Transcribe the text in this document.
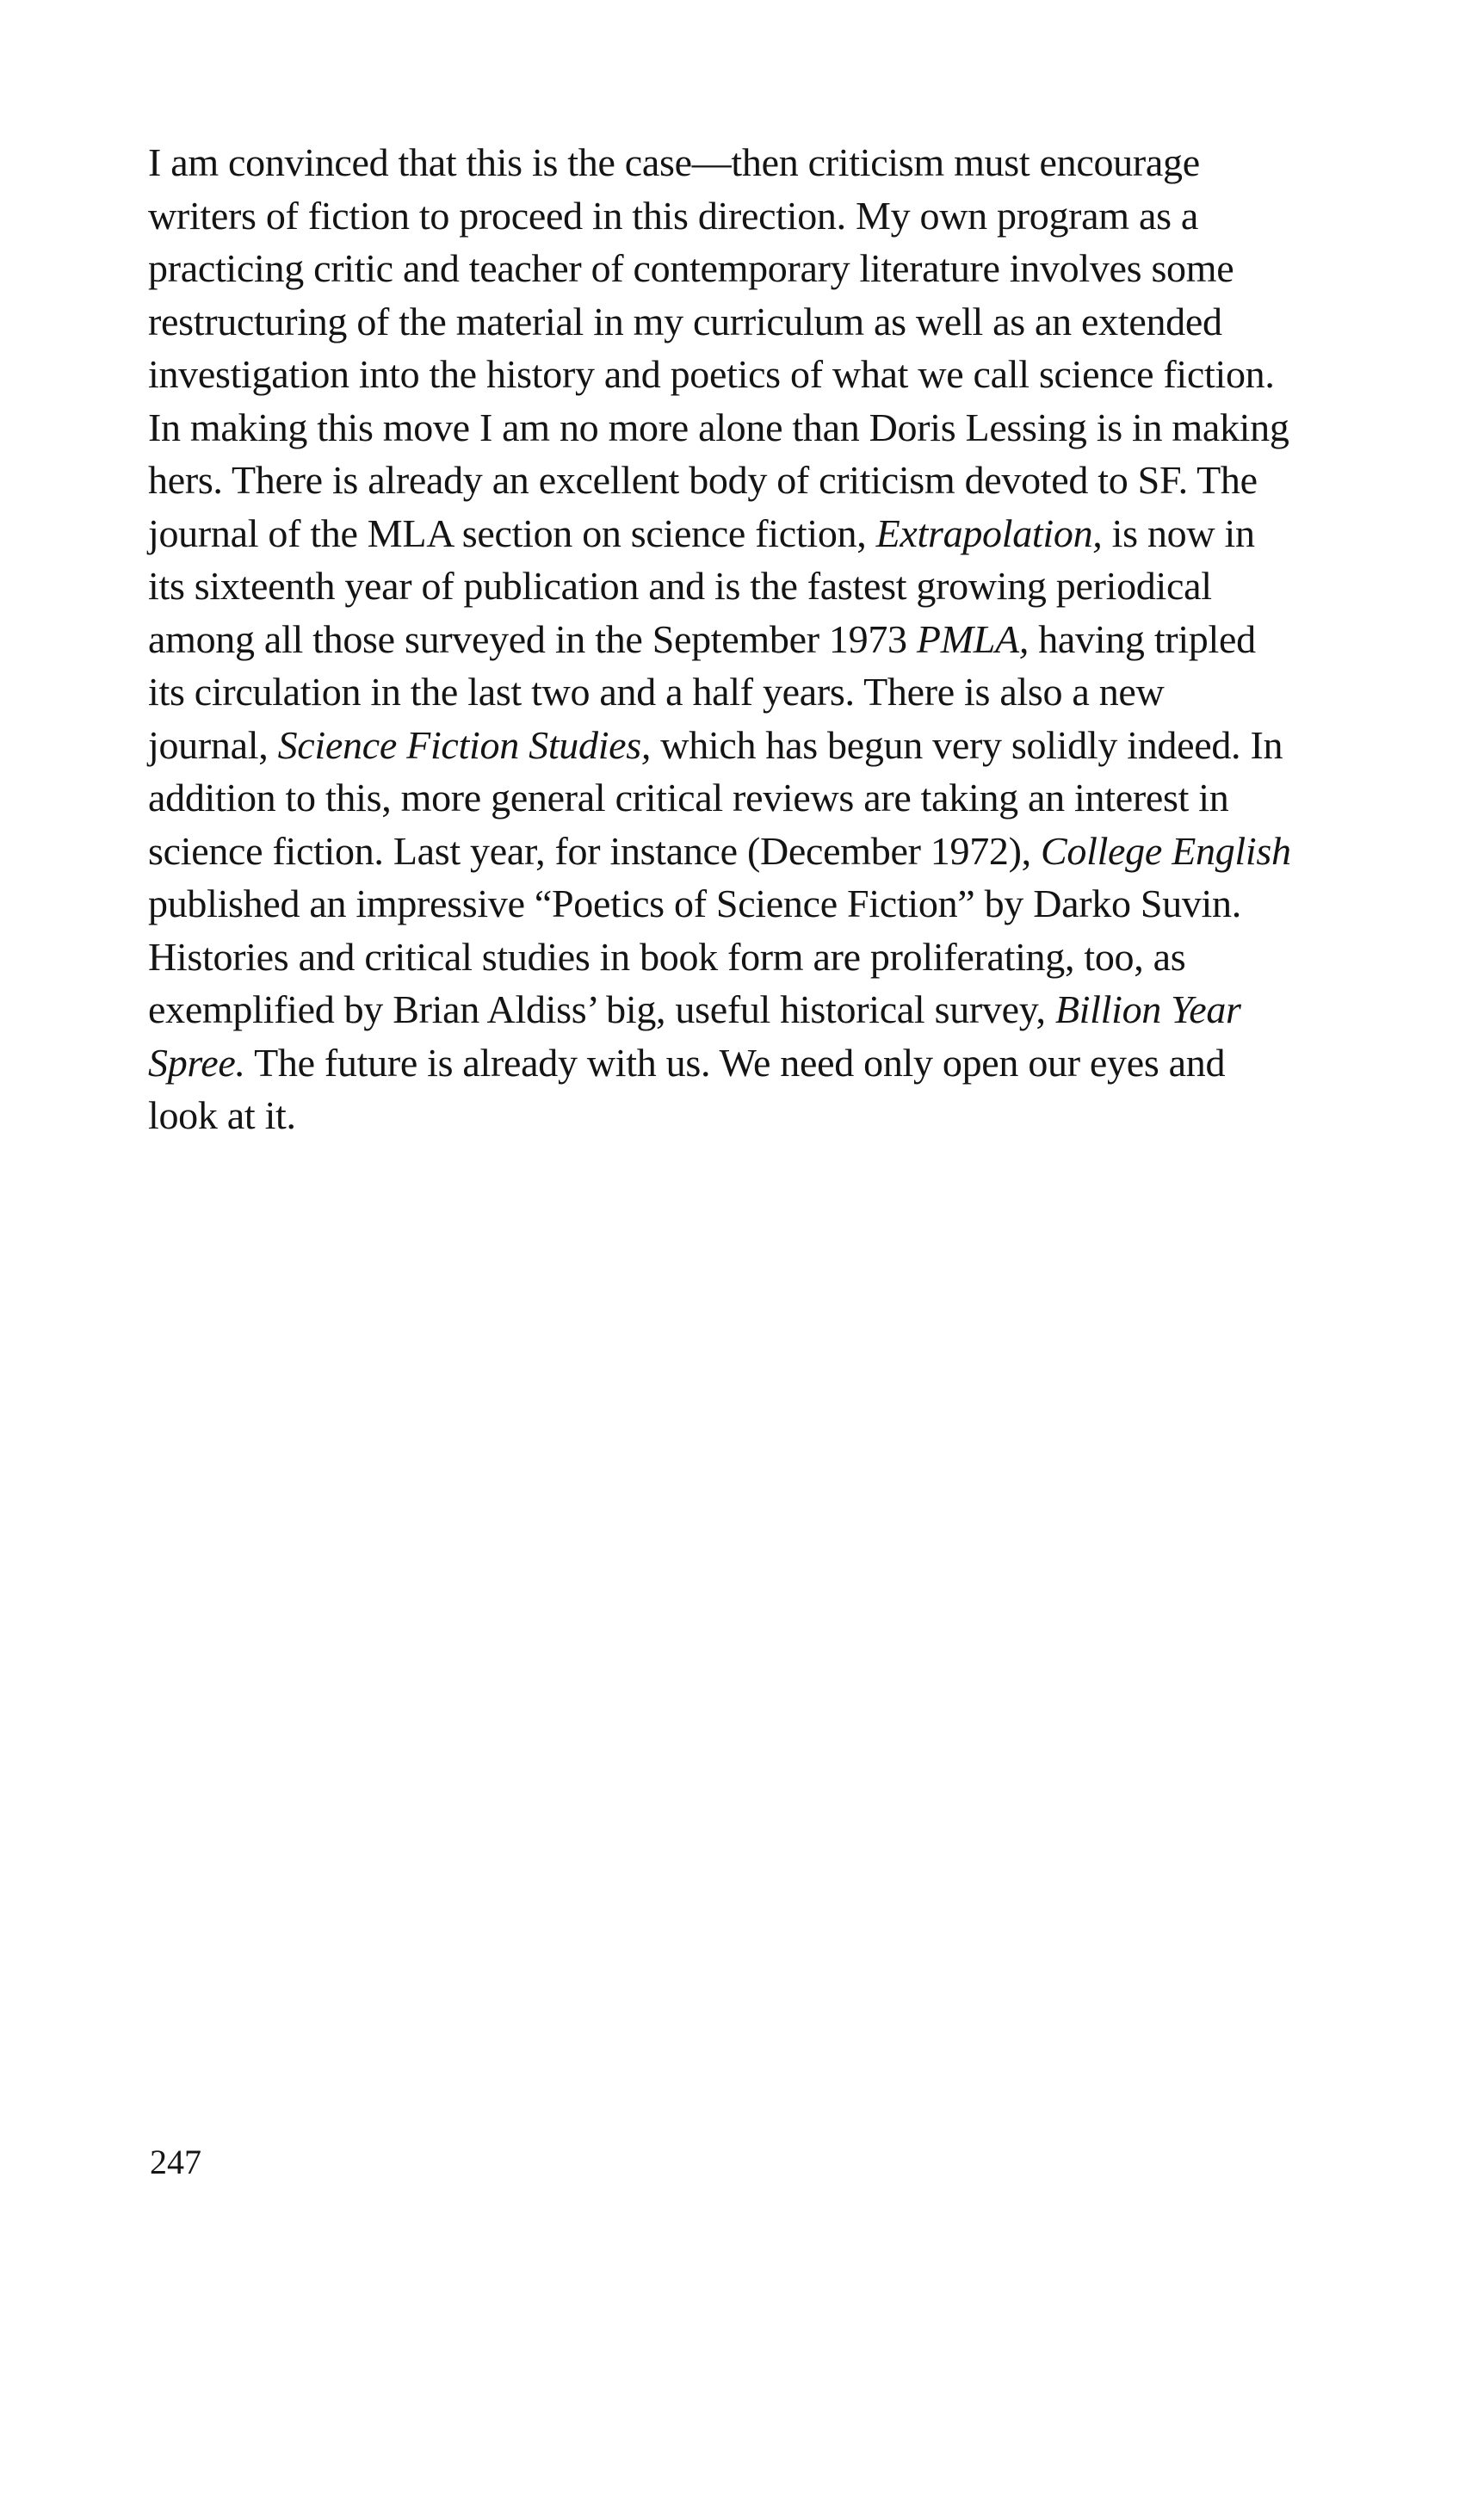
I am convinced that this is the case—then criticism must encourage
writers of fiction to proceed in this direction. My own program as a
practicing critic and teacher of contemporary literature involves some
restructuring of the material in my curriculum as well as an extended
investigation into the history and poetics of what we call science fiction.
In making this move I am no more alone than Doris Lessing is in making
hers. There is already an excellent body of criticism devoted to SF. The
journal of the MLA section on science fiction, Extrapolation, is now in
its sixteenth year of publication and is the fastest growing periodical
among all those surveyed in the September 1973 PMLA, having tripled
its circulation in the last two and a half years. There is also a new
journal, Science Fiction Studies, which has begun very solidly indeed. In
addition to this, more general critical reviews are taking an interest in
science fiction. Last year, for instance (December 1972), College English
published an impressive “Poetics of Science Fiction” by Darko Suvin.
Histories and critical studies in book form are proliferating, too, as
exemplified by Brian Aldiss’ big, useful historical survey, Billion Year
Spree. The future is already with us. We need only open our eyes and
look at it.
247
